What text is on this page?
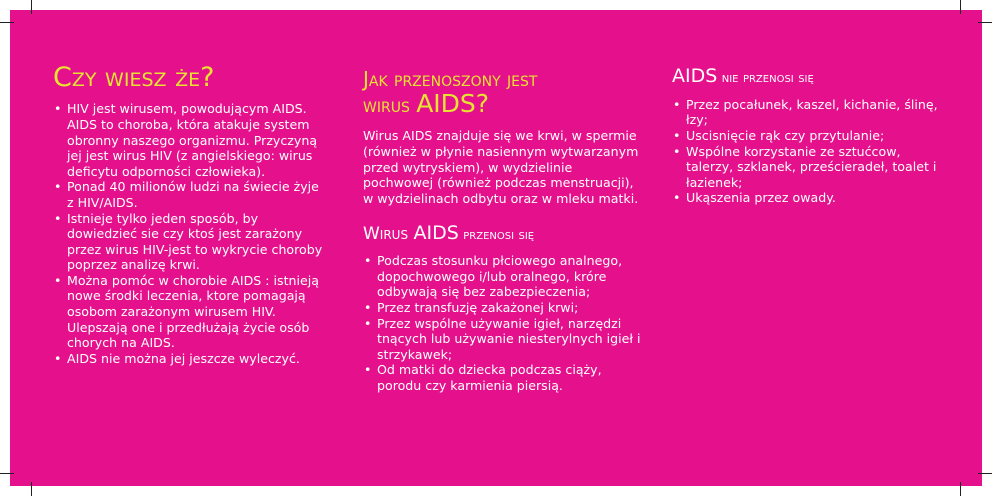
Czy wiesz że?
• HIV jest wirusem, powodującym AIDS. AIDS to choroba, która atakuje system obronny naszego organizmu. Przyczyną jej jest wirus HIV (z angielskiego: wirus deficytu odporności człowieka).
• Ponad 40 milionów ludzi na świecie żyje z HIV/AIDS.
• Istnieje tylko jeden sposób, by dowiedzieć sie czy ktoś jest zarażony przez wirus HIV-jest to wykrycie choroby poprzez analizę krwi.
• Można pomóc w chorobie AIDS : istnieją nowe środki leczenia, ktore pomagają osobom zarażonym wirusem HIV. Ulepszają one i przedłużają życie osób chorych na AIDS.
• AIDS nie można jej jeszcze wyleczyć.
Jak przenoszony jest
wirus AIDS?

Wirus AIDS znajduje się we krwi, w spermie (również w płynie nasiennym wytwarzanym przed wytryskiem), w wydzielinie pochwowej (również podczas menstruacji), w wydzielinach odbytu oraz w mleku matki.

Wirus AIDS przenosi się
• Podczas stosunku płciowego analnego, dopochwowego i/lub oralnego, króre odbywają się bez zabezpieczenia;
• Przez transfuzję zakażonej krwi;
• Przez wspólne używanie igieł, narzędzi tnących lub używanie niesterylnych igieł i strzykawek;
• Od matki do dziecka podczas ciąży, porodu czy karmienia piersią.
AIDS nie przenosi się
• Przez pocałunek, kaszel, kichanie, ślinę, łzy;
• Uscisnięcie rąk czy przytulanie;
• Wspólne korzystanie ze sztućcow, talerzy, szklanek, prześcieradeł, toalet i łazienek;
• Ukąszenia przez owady.
